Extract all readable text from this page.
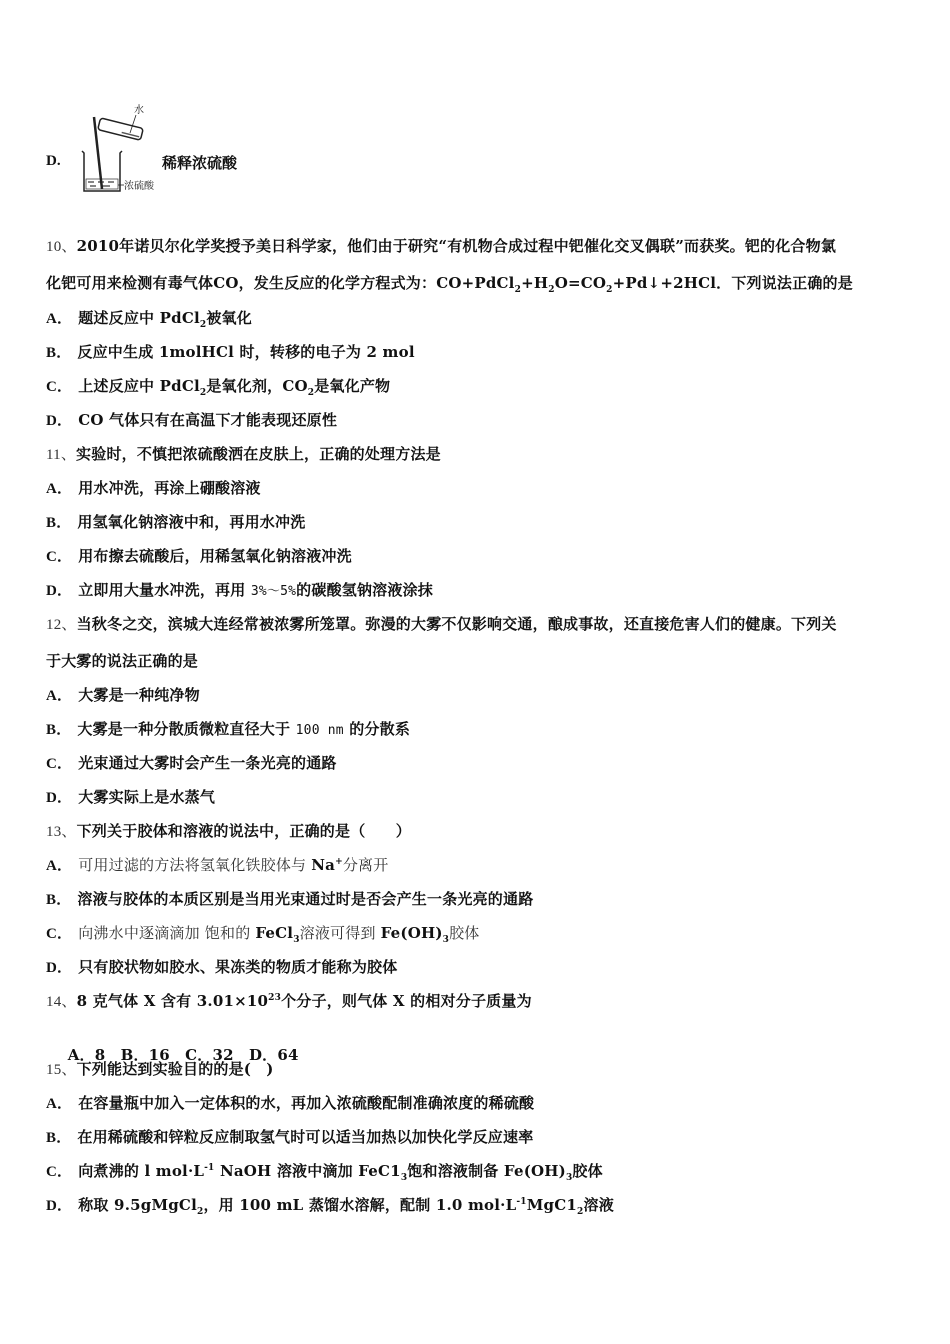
D.
水
浓硫酸
稀释浓硫酸
10、2010年诺贝尔化学奖授予美日科学家，他们由于研究“有机物合成过程中钯催化交叉偶联”而获奖。钯的化合物氯
化钯可用来检测有毒气体CO，发生反应的化学方程式为：$CO+PdCl_2+H_2O=CO_2+Pd↓+2HCl$．下列说法正确的是
A． 题述反应中 PdCl$_2$被氧化
B． 反应中生成 1molHCl 时，转移的电子为 2 mol
C． 上述反应中 PdCl$_2$是氧化剂，$CO_2$是氧化产物
D． CO 气体只有在高温下才能表现还原性
11、实验时，不慎把浓硫酸洒在皮肤上，正确的处理方法是
A． 用水冲洗，再涂上硼酸溶液
B． 用氢氧化钠溶液中和，再用水冲洗
C． 用布擦去硫酸后，用稀氢氧化钠溶液冲洗
D． 立即用大量水冲洗，再用 3%～5%的碳酸氢钠溶液涂抹
12、当秋冬之交，滨城大连经常被浓雾所笼罩。弥漫的大雾不仅影响交通，酿成事故，还直接危害人们的健康。下列关
于大雾的说法正确的是
A． 大雾是一种纯净物
B． 大雾是一种分散质微粒直径大于 100 nm 的分散系
C． 光束通过大雾时会产生一条光亮的通路
D． 大雾实际上是水蒸气
13、下列关于胶体和溶液的说法中，正确的是（　　）
A． 可用过滤的方法将氢氧化铁胶体与 Na+分离开
B． 溶液与胶体的本质区别是当用光束通过时是否会产生一条光亮的通路
C． 向沸水中逐滴滴加 饱和的 FeCl$_3$溶液可得到 $Fe(OH)_3$胶体
D． 只有胶状物如胶水、果冻类的物质才能称为胶体
14、8 克气体 X 含有 $3.01\times 10^{23}$个分子，则气体 X 的相对分子质量为

A．8　B．16　C．32　D．64

15、下列能达到实验目的的是(　)
A． 在容量瓶中加入一定体积的水，再加入浓硫酸配制准确浓度的稀硫酸
B． 在用稀硫酸和锌粒反应制取氢气时可以适当加热以加快化学反应速率
C． 向煮沸的 l $mol\cdot L^{-1}$ NaOH 溶液中滴加 $FeC1_3$饱和溶液制备 $Fe(OH)_3$胶体
D． 称取 9.5gMgCl$_2$，用 100 mL 蒸馏水溶解，配制 1.0 $mol\cdot L^{-1}MgC1_2$溶液
